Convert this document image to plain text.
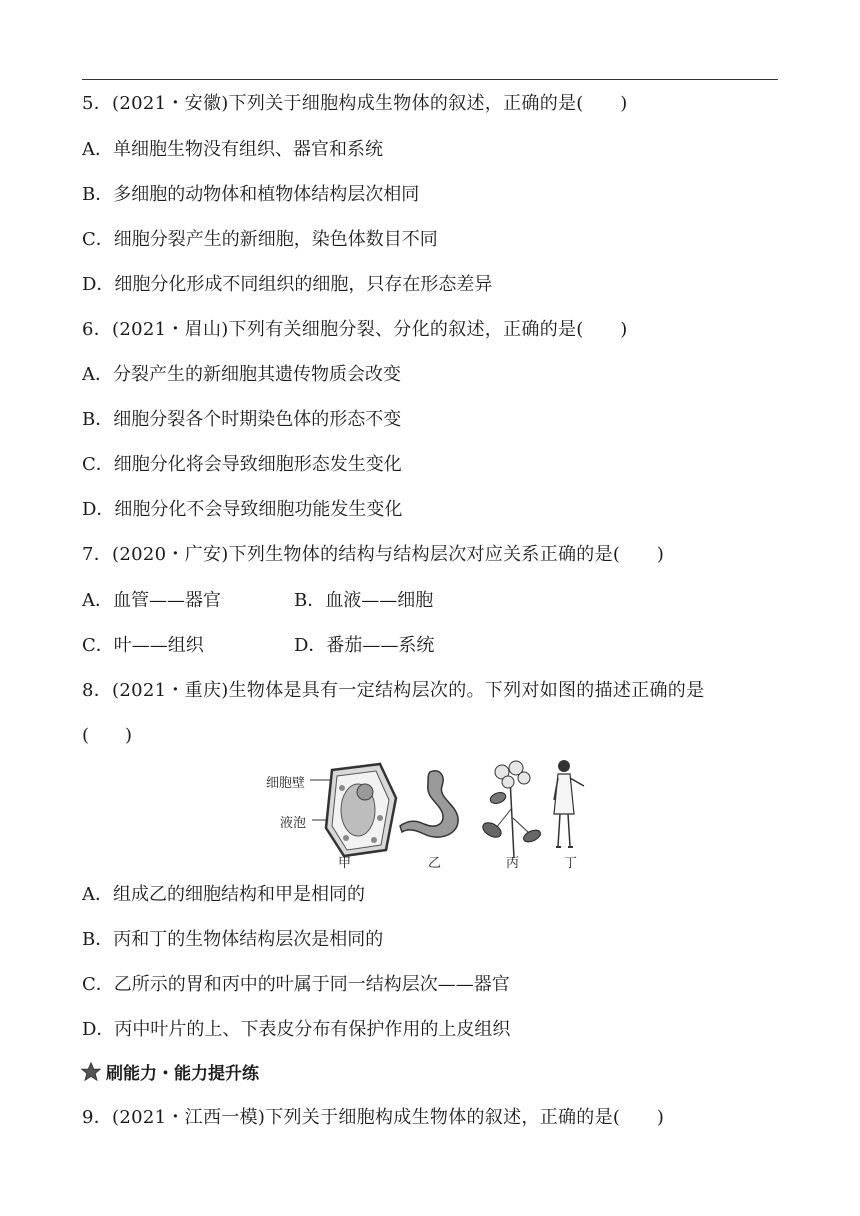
5．(2021・安徽)下列关于细胞构成生物体的叙述，正确的是(　　)
A．单细胞生物没有组织、器官和系统
B．多细胞的动物体和植物体结构层次相同
C．细胞分裂产生的新细胞，染色体数目不同
D．细胞分化形成不同组织的细胞，只存在形态差异
6．(2021・眉山)下列有关细胞分裂、分化的叙述，正确的是(　　)
A．分裂产生的新细胞其遗传物质会改变
B．细胞分裂各个时期染色体的形态不变
C．细胞分化将会导致细胞形态发生变化
D．细胞分化不会导致细胞功能发生变化
7．(2020・广安)下列生物体的结构与结构层次对应关系正确的是(　　)
A．血管——器官	B．血液——细胞
C．叶——组织	D．番茄——系统
8．(2021・重庆)生物体是具有一定结构层次的。下列对如图的描述正确的是
(　　)
细胞壁
液泡
甲	乙	丙	丁
A．组成乙的细胞结构和甲是相同的
B．丙和丁的生物体结构层次是相同的
C．乙所示的胃和丙中的叶属于同一结构层次——器官
D．丙中叶片的上、下表皮分布有保护作用的上皮组织
刷能力・能力提升练
9．(2021・江西一模)下列关于细胞构成生物体的叙述，正确的是(　　)
